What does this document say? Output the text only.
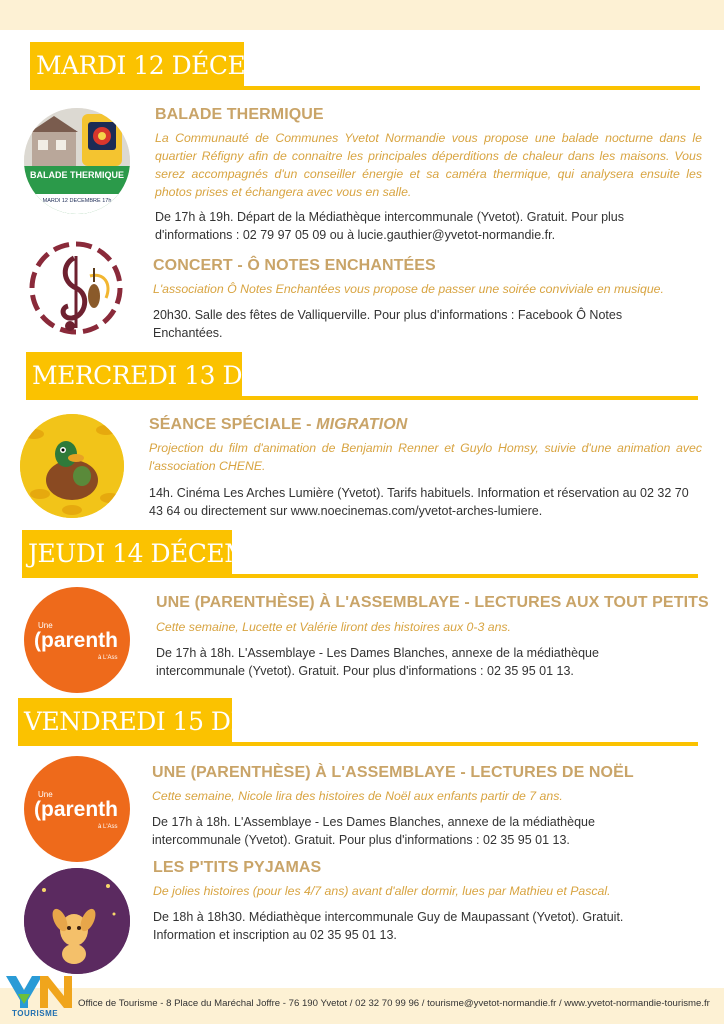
MARDI 12 DÉCEMBRE
BALADE THERMIQUE
MARDI 12 DECEMBRE 17h
BALADE THERMIQUE
La Communauté de Communes Yvetot Normandie vous propose une balade nocturne dans le quartier Réfigny afin de connaitre les principales déperditions de chaleur dans les maisons. Vous serez accompagnés d'un conseiller énergie et sa caméra thermique, qui analysera ensuite les photos prises et échangera avec vous en salle.
De 17h à 19h. Départ de la Médiathèque intercommunale (Yvetot). Gratuit. Pour plus d'informations : 02 79 97 05 09 ou à lucie.gauthier@yvetot-normandie.fr.
CONCERT - Ô NOTES ENCHANTÉES
L'association Ô Notes Enchantées vous propose de passer une soirée conviviale en musique.
20h30. Salle des fêtes de Valliquerville. Pour plus d'informations : Facebook Ô Notes Enchantées.
MERCREDI 13 DÉCEMBRE
SÉANCE SPÉCIALE - MIGRATION
Projection du film d'animation de Benjamin Renner et Guylo Homsy, suivie d'une animation avec l'association CHENE.
14h. Cinéma Les Arches Lumière (Yvetot). Tarifs habituels. Information et réservation au 02 32 70 43 64 ou directement sur www.noecinemas.com/yvetot-arches-lumiere.
JEUDI 14 DÉCEMBRE
Une
(parenth
à L'Ass
UNE (PARENTHÈSE) À L'ASSEMBLAYE - LECTURES AUX TOUT PETITS
Cette semaine, Lucette et Valérie liront des histoires aux 0-3 ans.
De 17h à 18h. L'Assemblaye - Les Dames Blanches, annexe de la médiathèque intercommunale (Yvetot). Gratuit. Pour plus d'informations : 02 35 95 01 13.
VENDREDI 15 DÉCEMBRE
Une
(parenth
à L'Ass
UNE (PARENTHÈSE) À L'ASSEMBLAYE - LECTURES DE NOËL
Cette semaine, Nicole lira des histoires de Noël aux enfants partir de 7 ans.
De 17h à 18h. L'Assemblaye - Les Dames Blanches, annexe de la médiathèque intercommunale (Yvetot). Gratuit. Pour plus d'informations : 02 35 95 01 13.
LES P'TITS PYJAMAS
De jolies histoires (pour les 4/7 ans) avant d'aller dormir, lues par Mathieu et Pascal.
De 18h à 18h30. Médiathèque intercommunale Guy de Maupassant (Yvetot). Gratuit. Information et inscription au 02 35 95 01 13.
TOURISME
Office de Tourisme - 8 Place du Maréchal Joffre - 76 190 Yvetot / 02 32 70 99 96 / tourisme@yvetot-normandie.fr / www.yvetot-normandie-tourisme.fr
